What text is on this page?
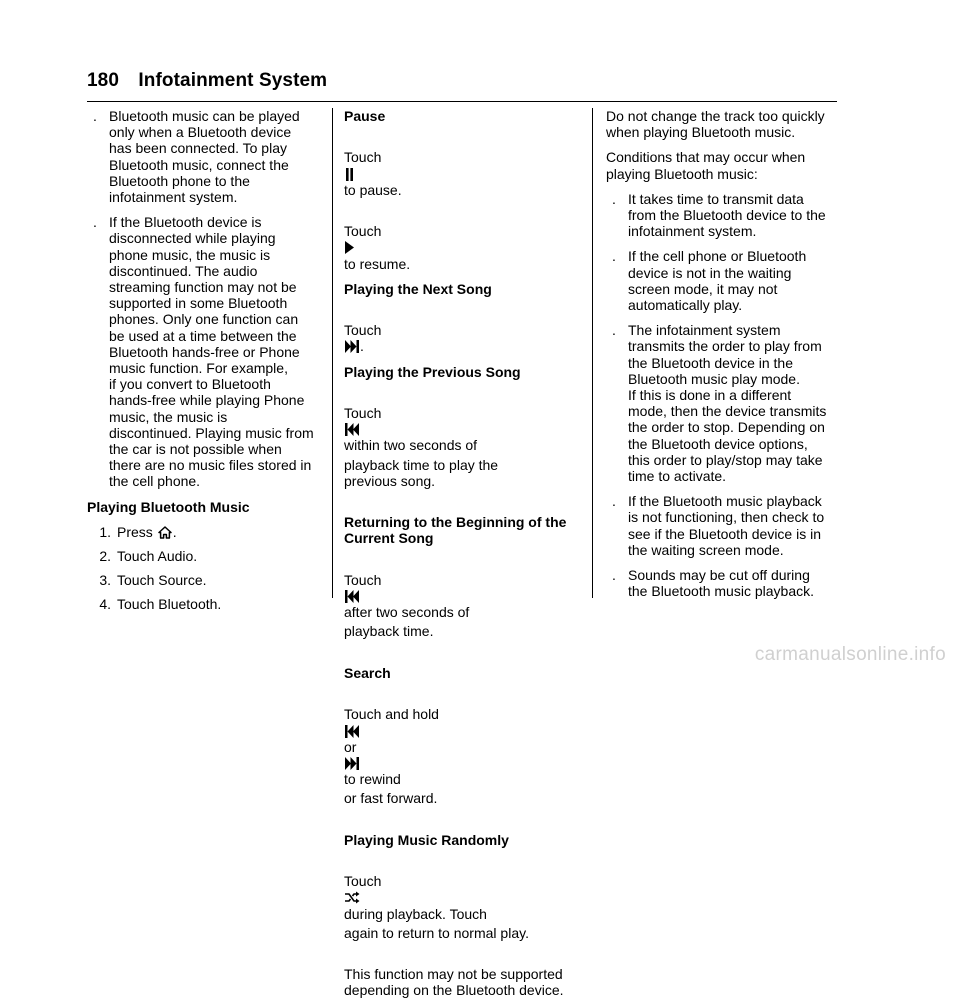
180 Infotainment System
. Bluetooth music can be played
only when a Bluetooth device
has been connected. To play
Bluetooth music, connect the
Bluetooth phone to the
infotainment system.
. If the Bluetooth device is
disconnected while playing
phone music, the music is
discontinued. The audio
streaming function may not be
supported in some Bluetooth
phones. Only one function can
be used at a time between the
Bluetooth hands-free or Phone
music function. For example,
if you convert to Bluetooth
hands-free while playing Phone
music, the music is
discontinued. Playing music from
the car is not possible when
there are no music files stored in
the cell phone.
Playing Bluetooth Music
1. Press .
2. Touch Audio.
3. Touch Source.
4. Touch Bluetooth.
Pause

Touch

to pause.

Touch

to resume.

Playing the Next Song

Touch

.

Playing the Previous Song

Touch

within two seconds of

playback time to play the
previous song.

Returning to the Beginning of the
Current Song

Touch

after two seconds of

playback time.

Search

Touch and hold

or

to rewind

or fast forward.

Playing Music Randomly

Touch

during playback. Touch

again to return to normal play.

This function may not be supported
depending on the Bluetooth device.
Do not change the track too quickly
when playing Bluetooth music.
Conditions that may occur when
playing Bluetooth music:
. It takes time to transmit data
from the Bluetooth device to the
infotainment system.
. If the cell phone or Bluetooth
device is not in the waiting
screen mode, it may not
automatically play.
. The infotainment system
transmits the order to play from
the Bluetooth device in the
Bluetooth music play mode.
If this is done in a different
mode, then the device transmits
the order to stop. Depending on
the Bluetooth device options,
this order to play/stop may take
time to activate.
. If the Bluetooth music playback
is not functioning, then check to
see if the Bluetooth device is in
the waiting screen mode.
. Sounds may be cut off during
the Bluetooth music playback.
carmanualsonline.info
